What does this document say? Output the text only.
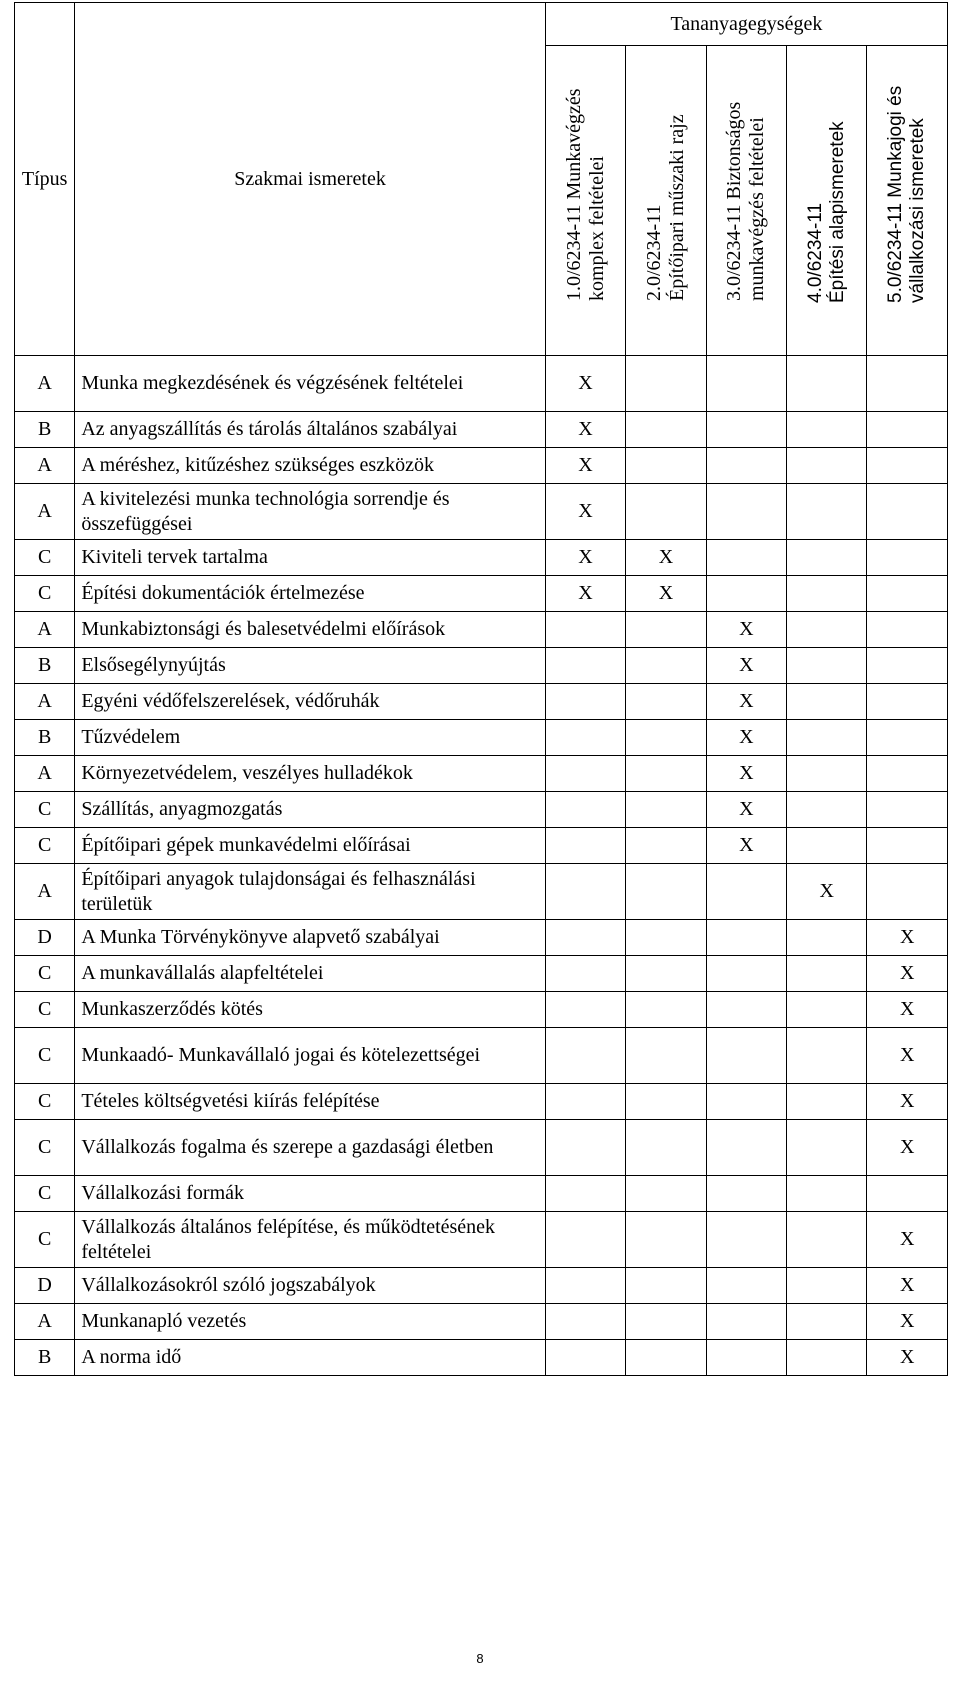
Típus	Szakmai ismeretek	Tananyagegységek				

		1.0/6234-11 Munkavégzés komplex feltételei	2.0/6234-11 Építőipari műszaki rajz	3.0/6234-11 Biztonságos munkavégzés feltételei	4.0/6234-11 Építési alapismeretek	5.0/6234-11 Munkajogi és vállalkozási ismeretek

A	Munka megkezdésének és végzésének feltételei	X				
B	Az anyagszállítás és tárolás általános szabályai	X				
A	A méréshez, kitűzéshez szükséges eszközök	X				
A	A kivitelezési munka technológia sorrendje és összefüggései	X				
C	Kiviteli tervek tartalma	X	X			
C	Építési dokumentációk értelmezése	X	X			
A	Munkabiztonsági és balesetvédelmi előírások			X		
B	Elsősegélynyújtás			X		
A	Egyéni védőfelszerelések, védőruhák			X		
B	Tűzvédelem			X		
A	Környezetvédelem, veszélyes hulladékok			X		
C	Szállítás, anyagmozgatás			X		
C	Építőipari gépek munkavédelmi előírásai			X		
A	Építőipari anyagok tulajdonságai és felhasználási területük				X	
D	A Munka Törvénykönyve alapvető szabályai					X
C	A munkavállalás alapfeltételei					X
C	Munkaszerződés kötés					X
C	Munkaadó- Munkavállaló jogai és kötelezettségei					X
C	Tételes költségvetési kiírás felépítése					X
C	Vállalkozás fogalma és szerepe a gazdasági életben					X
C	Vállalkozási formák					
C	Vállalkozás általános felépítése, és működtetésének feltételei					X
D	Vállalkozásokról szóló jogszabályok					X
A	Munkanapló vezetés					X
B	A norma idő					X
8
